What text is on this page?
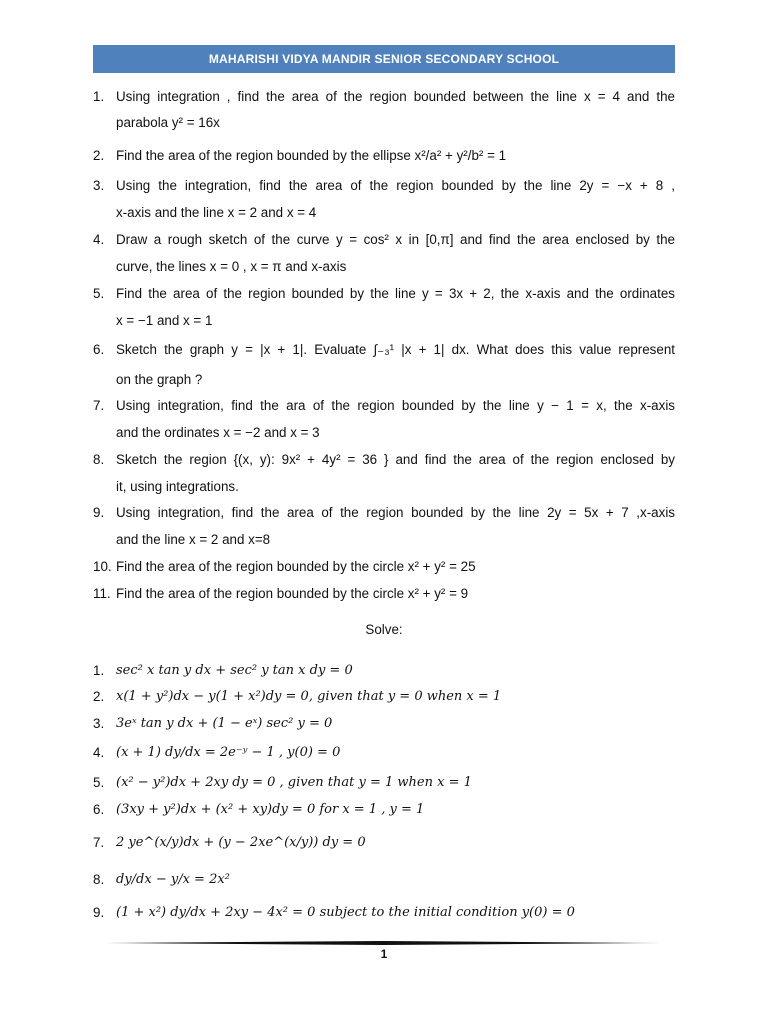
MAHARISHI VIDYA MANDIR SENIOR SECONDARY SCHOOL
1. Using integration , find the area of the region bounded between the line x = 4 and the
parabola y² = 16x
2. Find the area of the region bounded by the ellipse x²/a² + y²/b² = 1
3. Using the integration, find the area of the region bounded by the line 2y = −x + 8 ,
x-axis and the line x = 2 and x = 4
4. Draw a rough sketch of the curve y = cos² x in [0,π] and find the area enclosed by the
curve, the lines x = 0 , x = π and x-axis
5. Find the area of the region bounded by the line y = 3x + 2, the x-axis and the ordinates
x = −1 and x = 1
6. Sketch the graph y = |x + 1|. Evaluate ∫₋₃¹ |x + 1| dx. What does this value represent
on the graph ?
7. Using integration, find the ara of the region bounded by the line y − 1 = x, the x-axis
and the ordinates x = −2 and x = 3
8. Sketch the region {(x, y): 9x² + 4y² = 36 } and find the area of the region enclosed by
it, using integrations.
9. Using integration, find the area of the region bounded by the line 2y = 5x + 7 ,x-axis
and the line x = 2 and x=8
10. Find the area of the region bounded by the circle x² + y² = 25
11. Find the area of the region bounded by the circle x² + y² = 9
Solve:
1. sec² x tan y dx + sec² y tan x dy = 0
2. x(1 + y²)dx − y(1 + x²)dy = 0, given that y = 0 when x = 1
3. 3eˣ tan y dx + (1 − eˣ) sec² y = 0
4. (x + 1) dy/dx = 2e⁻ʸ − 1 , y(0) = 0
5. (x² − y²)dx + 2xy dy = 0 , given that y = 1 when x = 1
6. (3xy + y²)dx + (x² + xy)dy = 0 for x = 1 , y = 1
7. 2 ye^(x/y)dx + (y − 2xe^(x/y)) dy = 0
8. dy/dx − y/x = 2x²
9. (1 + x²) dy/dx + 2xy − 4x² = 0 subject to the initial condition y(0) = 0
1
